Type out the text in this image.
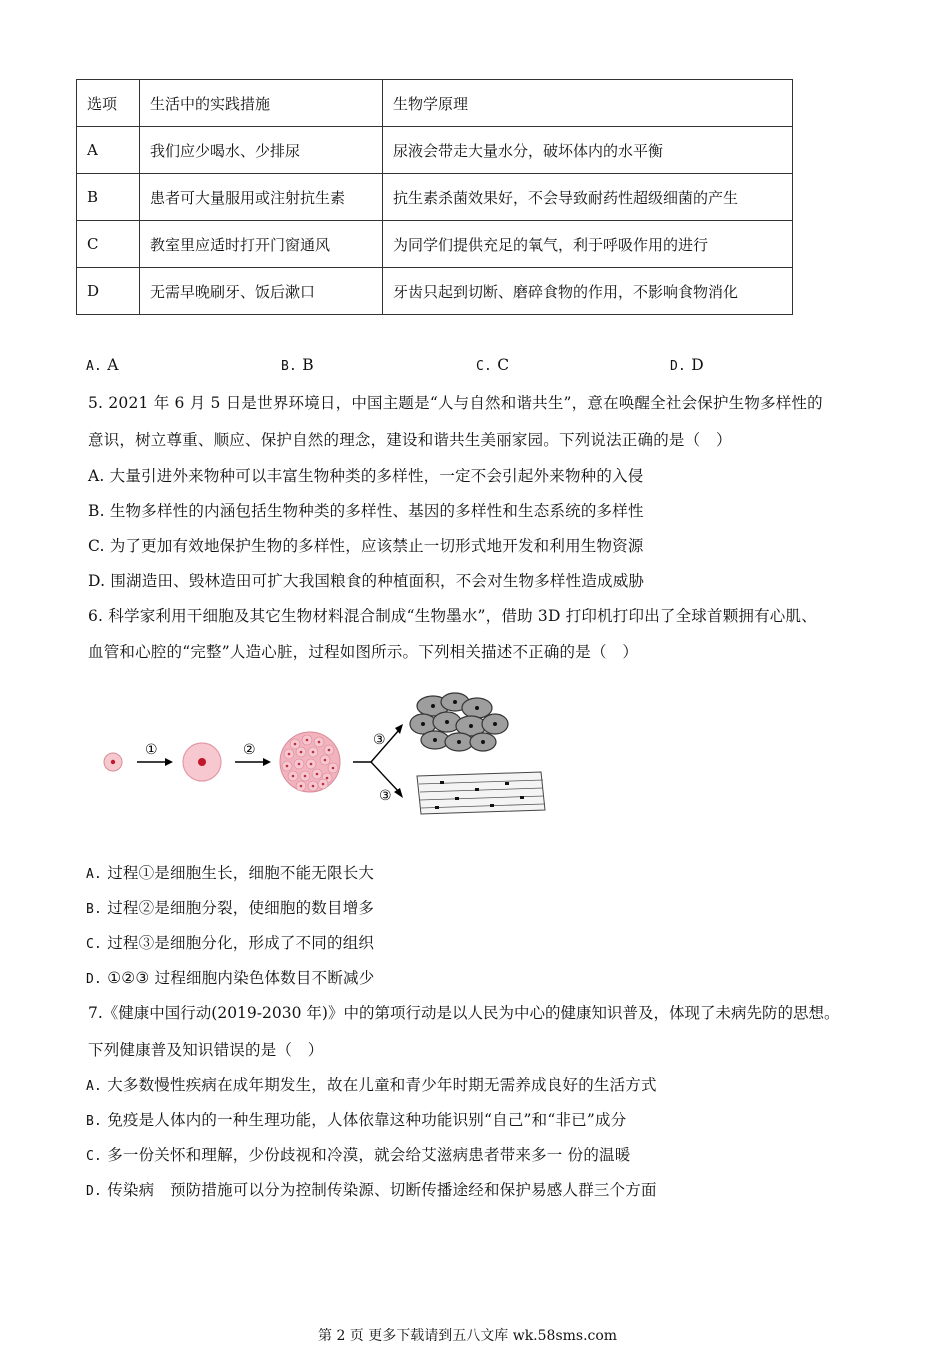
选项	生活中的实践措施	生物学原理
A	我们应少喝水、少排尿	尿液会带走大量水分，破坏体内的水平衡
B	患者可大量服用或注射抗生素	抗生素杀菌效果好，不会导致耐药性超级细菌的产生
C	教室里应适时打开门窗通风	为同学们提供充足的氧气，利于呼吸作用的进行
D	无需早晚刷牙、饭后漱口	牙齿只起到切断、磨碎食物的作用，不影响食物消化
A. A	B. B	C. C	D. D
5. 2021 年 6 月 5 日是世界环境日，中国主题是“人与自然和谐共生”，意在唤醒全社会保护生物多样性的
意识，树立尊重、顺应、保护自然的理念，建设和谐共生美丽家园。下列说法正确的是（　）
A. 大量引进外来物种可以丰富生物种类的多样性，一定不会引起外来物种的入侵
B. 生物多样性的内涵包括生物种类的多样性、基因的多样性和生态系统的多样性
C. 为了更加有效地保护生物的多样性，应该禁止一切形式地开发和利用生物资源
D. 围湖造田、毁林造田可扩大我国粮食的种植面积，不会对生物多样性造成威胁
6. 科学家利用干细胞及其它生物材料混合制成“生物墨水”，借助 3D 打印机打印出了全球首颗拥有心肌、
血管和心腔的“完整”人造心脏，过程如图所示。下列相关描述不正确的是（　）
①	②
③
③
A. 过程①是细胞生长，细胞不能无限长大
B. 过程②是细胞分裂，使细胞的数目增多
C. 过程③是细胞分化，形成了不同的组织
D. ①②③ 过程细胞内染色体数目不断减少
7.《健康中国行动(2019-2030 年)》中的第项行动是以人民为中心的健康知识普及，体现了未病先防的思想。
下列健康普及知识错误的是（　）
A. 大多数慢性疾病在成年期发生，故在儿童和青少年时期无需养成良好的生活方式
B. 免疫是人体内的一种生理功能，人体依靠这种功能识别“自己”和“非已”成分
C. 多一份关怀和理解，少份歧视和冷漠，就会给艾滋病患者带来多一 份的温暖
D. 传染病　预防措施可以分为控制传染源、切断传播途经和保护易感人群三个方面
第 2 页 更多下载请到五八文库 wk.58sms.com
